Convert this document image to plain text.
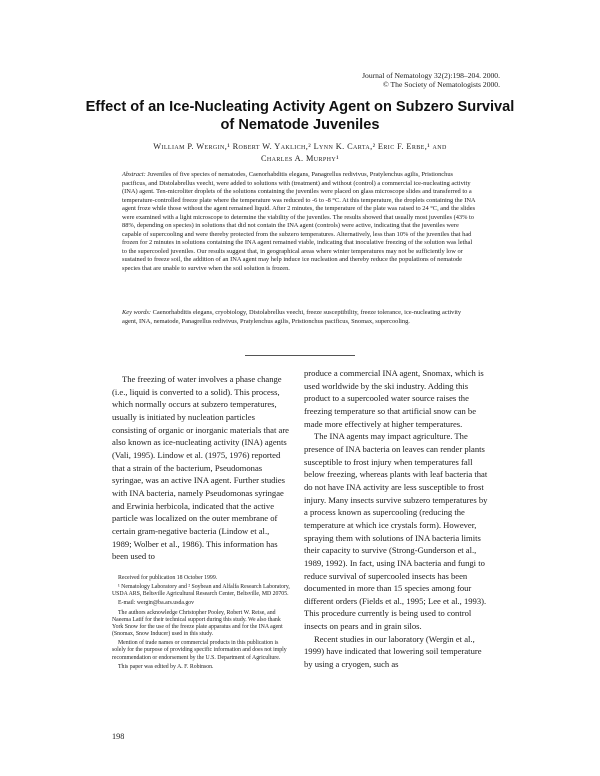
Journal of Nematology 32(2):198–204. 2000.
© The Society of Nematologists 2000.
Effect of an Ice-Nucleating Activity Agent on Subzero Survival of Nematode Juveniles
William P. Wergin,¹ Robert W. Yaklich,² Lynn K. Carta,² Eric F. Erbe,¹ and
Charles A. Murphy¹
Abstract: Juveniles of five species of nematodes, Caenorhabditis elegans, Panagrellus redivivus, Pratylenchus agilis, Pristionchus pacificus, and Distolabrellus veechi, were added to solutions with (treatment) and without (control) a commercial ice-nucleating activity (INA) agent. Ten-microliter droplets of the solutions containing the juveniles were placed on glass microscope slides and transferred to a temperature-controlled freeze plate where the temperature was reduced to -6 to -8 °C. At this temperature, the droplets containing the INA agent froze while those without the agent remained liquid. After 2 minutes, the temperature of the plate was raised to 24 °C, and the slides were examined with a light microscope to determine the viability of the juveniles. The results showed that usually most juveniles (43% to 88%, depending on species) in solutions that did not contain the INA agent (controls) were active, indicating that the juveniles were capable of supercooling and were thereby protected from the subzero temperatures. Alternatively, less than 10% of the juveniles that had frozen for 2 minutes in solutions containing the INA agent remained viable, indicating that inoculative freezing of the solution was lethal to the supercooled juveniles. Our results suggest that, in geographical areas where winter temperatures may not be sufficiently low or sustained to freeze soil, the addition of an INA agent may help induce ice nucleation and thereby reduce the populations of nematode species that are unable to survive when the soil solution is frozen.
Key words: Caenorhabditis elegans, cryobiology, Distolabrellus veechi, freeze susceptibility, freeze tolerance, ice-nucleating activity agent, INA, nematode, Panagrellus redivivus, Pratylenchus agilis, Pristionchus pacificus, Snomax, supercooling.

The freezing of water involves a phase change (i.e., liquid is converted to a solid). This process, which normally occurs at subzero temperatures, usually is initiated by nucleation particles consisting of organic or inorganic materials that are also known as ice-nucleating activity (INA) agents (Vali, 1995). Lindow et al. (1975, 1976) reported that a strain of the bacterium, Pseudomonas syringae, was an active INA agent. Further studies with INA bacteria, namely Pseudomonas syringae and Erwinia herbicola, indicated that the active particle was localized on the outer membrane of certain gram-negative bacteria (Lindow et al., 1989; Wolber et al., 1986). This information has been used to

produce a commercial INA agent, Snomax, which is used worldwide by the ski industry. Adding this product to a supercooled water source raises the freezing temperature so that artificial snow can be made more effectively at higher temperatures.

The INA agents may impact agriculture. The presence of INA bacteria on leaves can render plants susceptible to frost injury when temperatures fall below freezing, whereas plants with leaf bacteria that do not have INA activity are less susceptible to frost injury. Many insects survive subzero temperatures by a process known as supercooling (reducing the temperature at which ice crystals form). However, spraying them with solutions of INA bacteria limits their capacity to survive (Strong-Gunderson et al., 1989, 1992). In fact, using INA bacteria and fungi to reduce survival of supercooled insects has been documented in more than 15 species among four different orders (Fields et al., 1995; Lee et al., 1993). This procedure currently is being used to control insects on pears and in grain silos.

Recent studies in our laboratory (Wergin et al., 1999) have indicated that lowering soil temperature by using a cryogen, such as

Received for publication 18 October 1999.

¹ Nematology Laboratory and ² Soybean and Alfalfa Research Laboratory, USDA ARS, Beltsville Agricultural Research Center, Beltsville, MD 20705.

E-mail: wergin@ba.ars.usda.gov

The authors acknowledge Christopher Pooley, Robert W. Reise, and Naeema Latif for their technical support during this study. We also thank York Snow for the use of the freeze plate apparatus and for the INA agent (Snomax, Snow Inducer) used in this study.

Mention of trade names or commercial products in this publication is solely for the purpose of providing specific information and does not imply recommendation or endorsement by the U.S. Department of Agriculture.

This paper was edited by A. F. Robinson.

198
